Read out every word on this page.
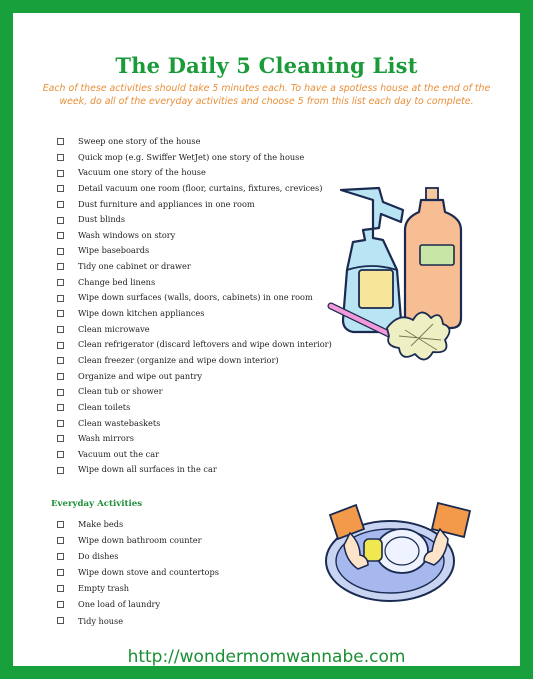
The Daily 5 Cleaning List
Each of these activities should take 5 minutes each. To have a spotless house at the end of the week, do all of the everyday activities and choose 5 from this list each day to complete.
Sweep one story of the house
Quick mop (e.g. Swiffer WetJet) one story of the house
Vacuum one story of the house
Detail vacuum one room (floor, curtains, fixtures, crevices)
Dust furniture and appliances in one room
Dust blinds
Wash windows on story
Wipe baseboards
Tidy one cabinet or drawer
Change bed linens
Wipe down surfaces (walls, doors, cabinets) in one room
Wipe down kitchen appliances
Clean microwave
Clean refrigerator (discard leftovers and wipe down interior)
Clean freezer (organize and wipe down interior)
Organize and wipe out pantry
Clean tub or shower
Clean toilets
Clean wastebaskets
Wash mirrors
Vacuum out the car
Wipe down all surfaces in the car
Everyday Activities
Make beds
Wipe down bathroom counter
Do dishes
Wipe down stove and countertops
Empty trash
One load of laundry
Tidy house
http://wondermomwannabe.com
